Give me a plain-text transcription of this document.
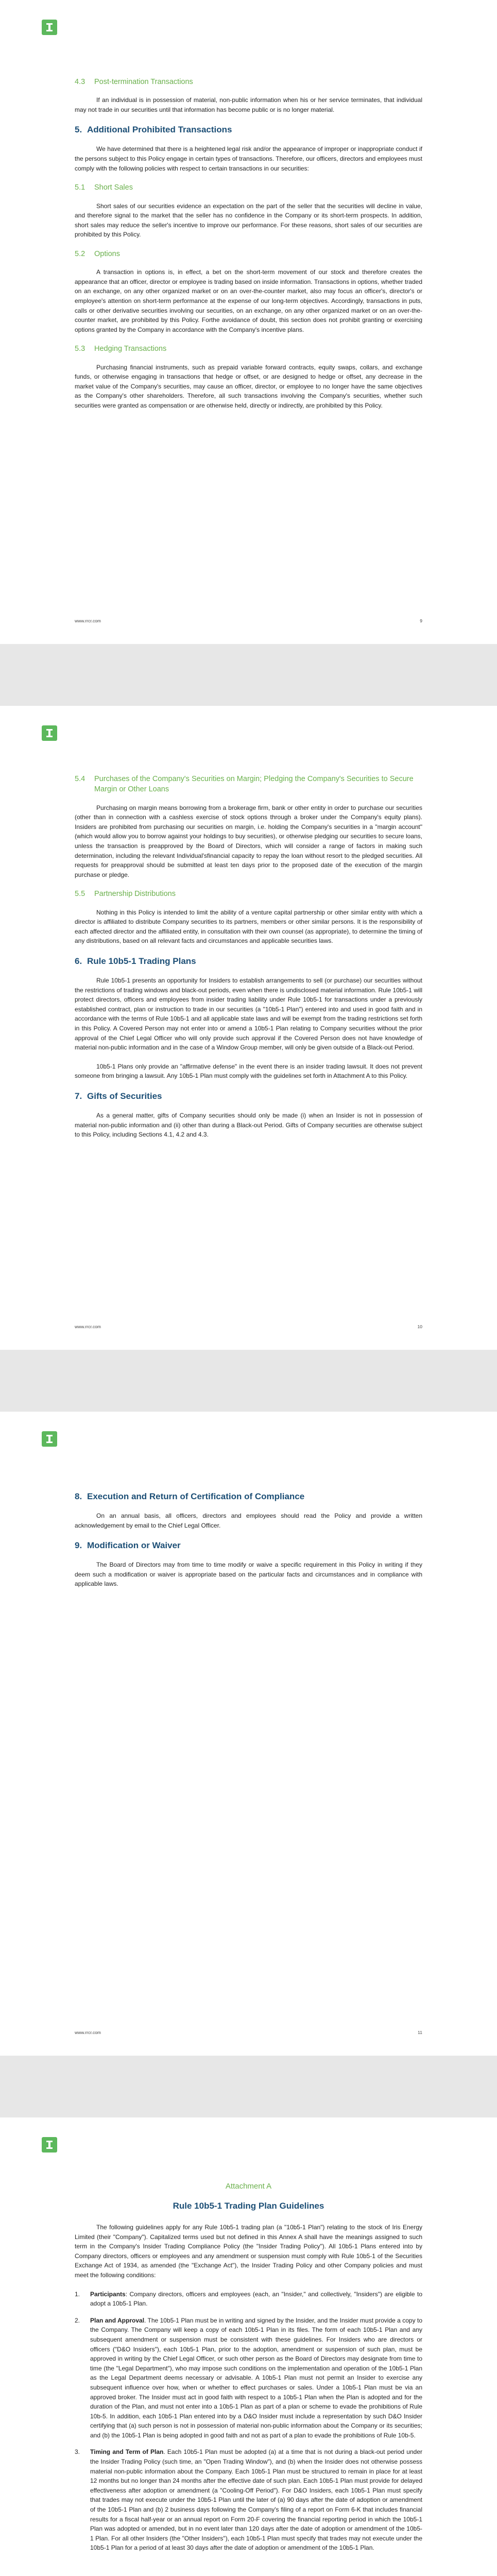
4.3 Post-termination Transactions

If an individual is in possession of material, non-public information when his or her service terminates, that individual may not trade in our securities until that information has become public or is no longer material.

5. Additional Prohibited Transactions

We have determined that there is a heightened legal risk and/or the appearance of improper or inappropriate conduct if the persons subject to this Policy engage in certain types of transactions. Therefore, our officers, directors and employees must comply with the following policies with respect to certain transactions in our securities:

5.1 Short Sales

Short sales of our securities evidence an expectation on the part of the seller that the securities will decline in value, and therefore signal to the market that the seller has no confidence in the Company or its short-term prospects. In addition, short sales may reduce the seller's incentive to improve our performance. For these reasons, short sales of our securities are prohibited by this Policy.

5.2 Options

A transaction in options is, in effect, a bet on the short-term movement of our stock and therefore creates the appearance that an officer, director or employee is trading based on inside information. Transactions in options, whether traded on an exchange, on any other organized market or on an over-the-counter market, also may focus an officer's, director's or employee's attention on short-term performance at the expense of our long-term objectives. Accordingly, transactions in puts, calls or other derivative securities involving our securities, on an exchange, on any other organized market or on an over-the-counter market, are prohibited by this Policy. Forthe avoidance of doubt, this section does not prohibit granting or exercising options granted by the Company in accordance with the Company's incentive plans.

5.3 Hedging Transactions

Purchasing financial instruments, such as prepaid variable forward contracts, equity swaps, collars, and exchange funds, or otherwise engaging in transactions that hedge or offset, or are designed to hedge or offset, any decrease in the market value of the Company's securities, may cause an officer, director, or employee to no longer have the same objectives as the Company's other shareholders. Therefore, all such transactions involving the Company's securities, whether such securities were granted as compensation or are otherwise held, directly or indirectly, are prohibited by this Policy.

www.rrcr.com	9
5.4	Purchases of the Company's Securities on Margin; Pledging the Company's Securities to Secure Margin or Other Loans

Purchasing on margin means borrowing from a brokerage firm, bank or other entity in order to purchase our securities (other than in connection with a cashless exercise of stock options through a broker under the Company's equity plans). Insiders are prohibited from purchasing our securities on margin, i.e. holding the Company's securities in a "margin account" (which would allow you to borrow against your holdings to buy securities), or otherwise pledging our securities to secure loans, unless the transaction is preapproved by the Board of Directors, which will consider a range of factors in making such determination, including the relevant Individual'sfinancial capacity to repay the loan without resort to the pledged securities. All requests for preapproval should be submitted at least ten days prior to the proposed date of the execution of the margin purchase or pledge.

5.5 Partnership Distributions

Nothing in this Policy is intended to limit the ability of a venture capital partnership or other similar entity with which a director is affiliated to distribute Company securities to its partners, members or other similar persons. It is the responsibility of each affected director and the affiliated entity, in consultation with their own counsel (as appropriate), to determine the timing of any distributions, based on all relevant facts and circumstances and applicable securities laws.

6. Rule 10b5-1 Trading Plans

Rule 10b5-1 presents an opportunity for Insiders to establish arrangements to sell (or purchase) our securities without the restrictions of trading windows and black-out periods, even when there is undisclosed material information. Rule 10b5-1 will protect directors, officers and employees from insider trading liability under Rule 10b5-1 for transactions under a previously established contract, plan or instruction to trade in our securities (a "10b5-1 Plan") entered into and used in good faith and in accordance with the terms of Rule 10b5-1 and all applicable state laws and will be exempt from the trading restrictions set forth in this Policy. A Covered Person may not enter into or amend a 10b5-1 Plan relating to Company securities without the prior approval of the Chief Legal Officer who will only provide such approval if the Covered Person does not have knowledge of material non-public information and in the case of a Window Group member, will only be given outside of a Black-out Period.

10b5-1 Plans only provide an "affirmative defense" in the event there is an insider trading lawsuit. It does not prevent someone from bringing a lawsuit. Any 10b5-1 Plan must comply with the guidelines set forth in Attachment A to this Policy.

7. Gifts of Securities

As a general matter, gifts of Company securities should only be made (i) when an Insider is not in possession of material non-public information and (ii) other than during a Black-out Period. Gifts of Company securities are otherwise subject to this Policy, including Sections 4.1, 4.2 and 4.3.

www.rrcr.com	10
8. Execution and Return of Certification of Compliance

On an annual basis, all officers, directors and employees should read the Policy and provide a written acknowledgement by email to the Chief Legal Officer.

9. Modification or Waiver

The Board of Directors may from time to time modify or waive a specific requirement in this Policy in writing if they deem such a modification or waiver is appropriate based on the particular facts and circumstances and in compliance with applicable laws.

www.rrcr.com	11
Attachment A
Rule 10b5-1 Trading Plan Guidelines

The following guidelines apply for any Rule 10b5-1 trading plan (a "10b5-1 Plan") relating to the stock of Iris Energy Limited (their "Company"). Capitalized terms used but not defined in this Annex A shall have the meanings assigned to such term in the Company's Insider Trading Compliance Policy (the "Insider Trading Policy"). All 10b5-1 Plans entered into by Company directors, officers or employees and any amendment or suspension must comply with Rule 10b5-1 of the Securities Exchange Act of 1934, as amended (the "Exchange Act"), the Insider Trading Policy and other Company policies and must meet the following conditions:

1.	Participants: Company directors, officers and employees (each, an "Insider," and collectively, "Insiders") are eligible to adopt a 10b5-1 Plan.
2.	Plan and Approval. The 10b5-1 Plan must be in writing and signed by the Insider, and the Insider must provide a copy to the Company. The Company will keep a copy of each 10b5-1 Plan in its files. The form of each 10b5-1 Plan and any subsequent amendment or suspension must be consistent with these guidelines. For Insiders who are directors or officers ("D&O Insiders"), each 10b5-1 Plan, prior to the adoption, amendment or suspension of such plan, must be approved in writing by the Chief Legal Officer, or such other person as the Board of Directors may designate from time to time (the "Legal Department"), who may impose such conditions on the implementation and operation of the 10b5-1 Plan as the Legal Department deems necessary or advisable. A 10b5-1 Plan must not permit an Insider to exercise any subsequent influence over how, when or whether to effect purchases or sales. Under a 10b5-1 Plan must be via an approved broker. The Insider must act in good faith with respect to a 10b5-1 Plan when the Plan is adopted and for the duration of the Plan, and must not enter into a 10b5-1 Plan as part of a plan or scheme to evade the prohibitions of Rule 10b-5. In addition, each 10b5-1 Plan entered into by a D&O Insider must include a representation by such D&O Insider certifying that (a) such person is not in possession of material non-public information about the Company or its securities; and (b) the 10b5-1 Plan is being adopted in good faith and not as part of a plan to evade the prohibitions of Rule 10b-5.
3.	Timing and Term of Plan. Each 10b5-1 Plan must be adopted (a) at a time that is not during a black-out period under the Insider Trading Policy (such time, an "Open Trading Window"), and (b) when the Insider does not otherwise possess material non-public information about the Company. Each 10b5-1 Plan must be structured to remain in place for at least 12 months but no longer than 24 months after the effective date of such plan. Each 10b5-1 Plan must provide for delayed effectiveness after adoption or amendment (a "Cooling-Off Period"). For D&O Insiders, each 10b5-1 Plan must specify that trades may not execute under the 10b5-1 Plan until the later of (a) 90 days after the date of adoption or amendment of the 10b5-1 Plan and (b) 2 business days following the Company's filing of a report on Form 6-K that includes financial results for a fiscal half-year or an annual report on Form 20-F covering the financial reporting period in which the 10b5-1 Plan was adopted or amended, but in no event later than 120 days after the date of adoption or amendment of the 10b5-1 Plan. For all other Insiders (the "Other Insiders"), each 10b5-1 Plan must specify that trades may not execute under the 10b5-1 Plan for a period of at least 30 days after the date of adoption or amendment of the 10b5-1 Plan.
